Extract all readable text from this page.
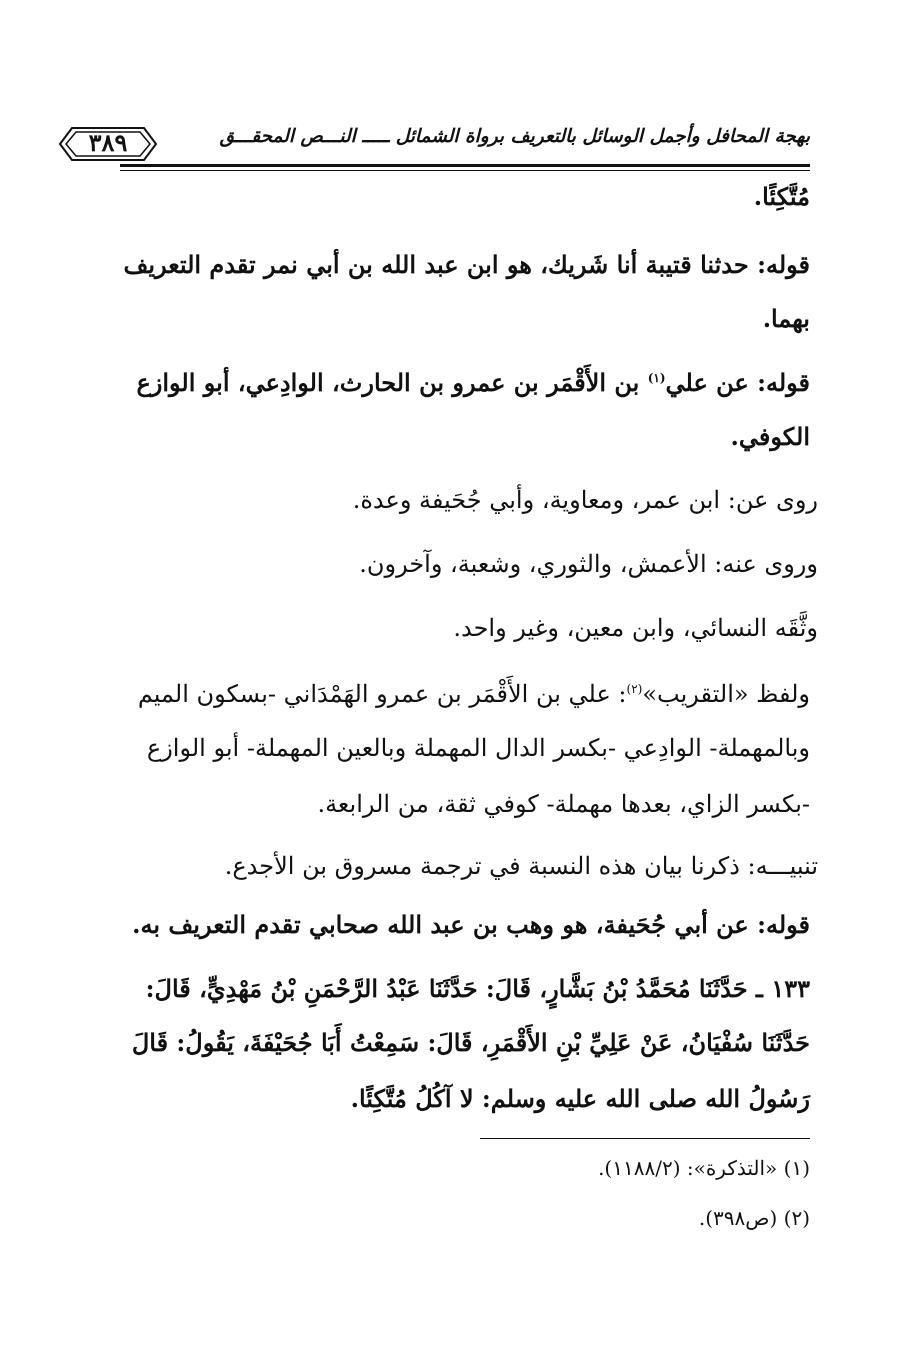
بهجة المحافل وأجمل الوسائل بالتعريف برواة الشمائل ـــــ النـــص المحقـــق
٣٨٩
مُتَّكِئًا.
قوله: حدثنا قتيبة أنا شَريك، هو ابن عبد الله بن أبي نمر تقدم التعريف
بهما.
قوله: عن علي$^{(١)}$ بن الأَقْمَر بن عمرو بن الحارث، الوادِعي، أبو الوازع
الكوفي.
روى عن: ابن عمر، ومعاوية، وأبي جُحَيفة وعدة.
وروى عنه: الأعمش، والثوري، وشعبة، وآخرون.
وثَّقَه النسائي، وابن معين، وغير واحد.
ولفظ «التقريب»$^{(٢)}$: علي بن الأَقْمَر بن عمرو الهَمْدَاني -بسكون الميم
وبالمهملة- الوادِعي -بكسر الدال المهملة وبالعين المهملة- أبو الوازع
-بكسر الزاي، بعدها مهملة- كوفي ثقة، من الرابعة.
تنبيـــه: ذكرنا بيان هذه النسبة في ترجمة مسروق بن الأجدع.
قوله: عن أبي جُحَيفة، هو وهب بن عبد الله صحابي تقدم التعريف به.
١٣٣ ـ حَدَّثَنَا مُحَمَّدُ بْنُ بَشَّارٍ، قَالَ: حَدَّثَنَا عَبْدُ الرَّحْمَنِ بْنُ مَهْدِيٍّ، قَالَ:
حَدَّثَنَا سُفْيَانُ، عَنْ عَلِيِّ بْنِ الأَقْمَرِ، قَالَ: سَمِعْتُ أَبَا جُحَيْفَةَ، يَقُولُ: قَالَ
رَسُولُ الله صلى الله عليه وسلم: لا آكُلُ مُتَّكِئًا.
(١) «التذكرة»: (١١٨٨/٢).
(٢) (ص٣٩٨).
